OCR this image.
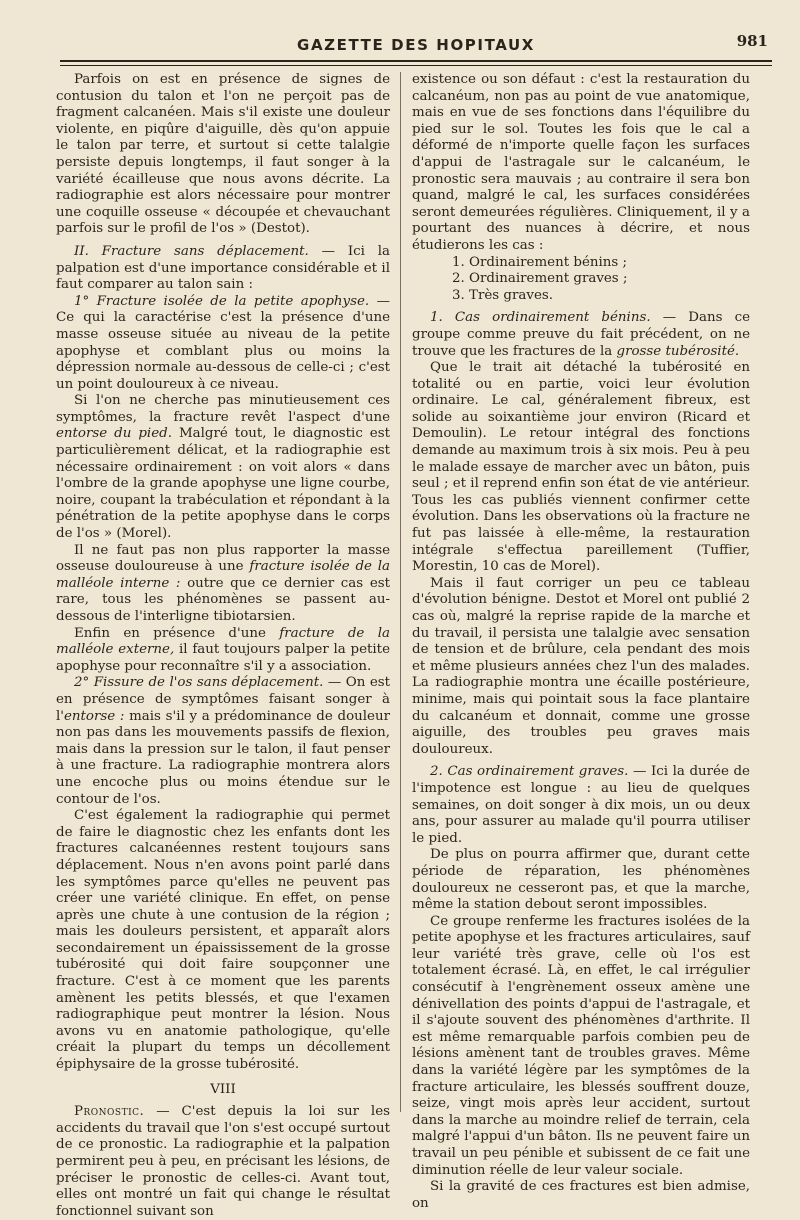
GAZETTE DES HOPITAUX	981

Parfois on est en présence de signes de contusion du talon et l'on ne perçoit pas de fragment calcanéen. Mais s'il existe une douleur violente, en piqûre d'aiguille, dès qu'on appuie le talon par terre, et surtout si cette talalgie persiste depuis longtemps, il faut songer à la variété écailleuse que nous avons décrite. La radiographie est alors nécessaire pour montrer une coquille osseuse « découpée et chevauchant parfois sur le profil de l'os » (Destot).

II. Fracture sans déplacement. — Ici la palpation est d'une importance considérable et il faut comparer au talon sain :

1° Fracture isolée de la petite apophyse. — Ce qui la caractérise c'est la présence d'une masse osseuse située au niveau de la petite apophyse et comblant plus ou moins la dépression normale au-dessous de celle-ci ; c'est un point douloureux à ce niveau.

Si l'on ne cherche pas minutieusement ces symptômes, la fracture revêt l'aspect d'une entorse du pied. Malgré tout, le diagnostic est particulièrement délicat, et la radiographie est nécessaire ordinairement : on voit alors « dans l'ombre de la grande apophyse une ligne courbe, noire, coupant la trabéculation et répondant à la pénétration de la petite apophyse dans le corps de l'os » (Morel).

Il ne faut pas non plus rapporter la masse osseuse douloureuse à une fracture isolée de la malléole interne : outre que ce dernier cas est rare, tous les phénomènes se passent au-dessous de l'interligne tibiotarsien.

Enfin en présence d'une fracture de la malléole externe, il faut toujours palper la petite apophyse pour reconnaître s'il y a association.

2° Fissure de l'os sans déplacement. — On est en présence de symptômes faisant songer à l'entorse : mais s'il y a prédominance de douleur non pas dans les mouvements passifs de flexion, mais dans la pression sur le talon, il faut penser à une fracture. La radiographie montrera alors une encoche plus ou moins étendue sur le contour de l'os.

C'est également la radiographie qui permet de faire le diagnostic chez les enfants dont les fractures calcanéennes restent toujours sans déplacement. Nous n'en avons point parlé dans les symptômes parce qu'elles ne peuvent pas créer une variété clinique. En effet, on pense après une chute à une contusion de la région ; mais les douleurs persistent, et apparaît alors secondairement un épaississement de la grosse tubérosité qui doit faire soupçonner une fracture. C'est à ce moment que les parents amènent les petits blessés, et que l'examen radiographique peut montrer la lésion. Nous avons vu en anatomie pathologique, qu'elle créait la plupart du temps un décollement épiphysaire de la grosse tubérosité.

VIII

Pronostic. — C'est depuis la loi sur les accidents du travail que l'on s'est occupé surtout de ce pronostic. La radiographie et la palpation permirent peu à peu, en précisant les lésions, de préciser le pronostic de celles-ci. Avant tout, elles ont montré un fait qui change le résultat fonctionnel suivant son

existence ou son défaut : c'est la restauration du calcanéum, non pas au point de vue anatomique, mais en vue de ses fonctions dans l'équilibre du pied sur le sol. Toutes les fois que le cal a déformé de n'importe quelle façon les surfaces d'appui de l'astragale sur le calcanéum, le pronostic sera mauvais ; au contraire il sera bon quand, malgré le cal, les surfaces considérées seront demeurées régulières. Cliniquement, il y a pourtant des nuances à décrire, et nous étudierons les cas :

1. Ordinairement bénins ;
2. Ordinairement graves ;
3. Très graves.

1. Cas ordinairement bénins. — Dans ce groupe comme preuve du fait précédent, on ne trouve que les fractures de la grosse tubérosité.

Que le trait ait détaché la tubérosité en totalité ou en partie, voici leur évolution ordinaire. Le cal, généralement fibreux, est solide au soixantième jour environ (Ricard et Demoulin). Le retour intégral des fonctions demande au maximum trois à six mois. Peu à peu le malade essaye de marcher avec un bâton, puis seul ; et il reprend enfin son état de vie antérieur. Tous les cas publiés viennent confirmer cette évolution. Dans les observations où la fracture ne fut pas laissée à elle-même, la restauration intégrale s'effectua pareillement (Tuffier, Morestin, 10 cas de Morel).

Mais il faut corriger un peu ce tableau d'évolution bénigne. Destot et Morel ont publié 2 cas où, malgré la reprise rapide de la marche et du travail, il persista une talalgie avec sensation de tension et de brûlure, cela pendant des mois et même plusieurs années chez l'un des malades. La radiographie montra une écaille postérieure, minime, mais qui pointait sous la face plantaire du calcanéum et donnait, comme une grosse aiguille, des troubles peu graves mais douloureux.

2. Cas ordinairement graves. — Ici la durée de l'impotence est longue : au lieu de quelques semaines, on doit songer à dix mois, un ou deux ans, pour assurer au malade qu'il pourra utiliser le pied.

De plus on pourra affirmer que, durant cette période de réparation, les phénomènes douloureux ne cesseront pas, et que la marche, même la station debout seront impossibles.

Ce groupe renferme les fractures isolées de la petite apophyse et les fractures articulaires, sauf leur variété très grave, celle où l'os est totalement écrasé. Là, en effet, le cal irrégulier consécutif à l'engrènement osseux amène une dénivellation des points d'appui de l'astragale, et il s'ajoute souvent des phénomènes d'arthrite. Il est même remarquable parfois combien peu de lésions amènent tant de troubles graves. Même dans la variété légère par les symptômes de la fracture articulaire, les blessés souffrent douze, seize, vingt mois après leur accident, surtout dans la marche au moindre relief de terrain, cela malgré l'appui d'un bâton. Ils ne peuvent faire un travail un peu pénible et subissent de ce fait une diminution réelle de leur valeur sociale.

Si la gravité de ces fractures est bien admise, on
